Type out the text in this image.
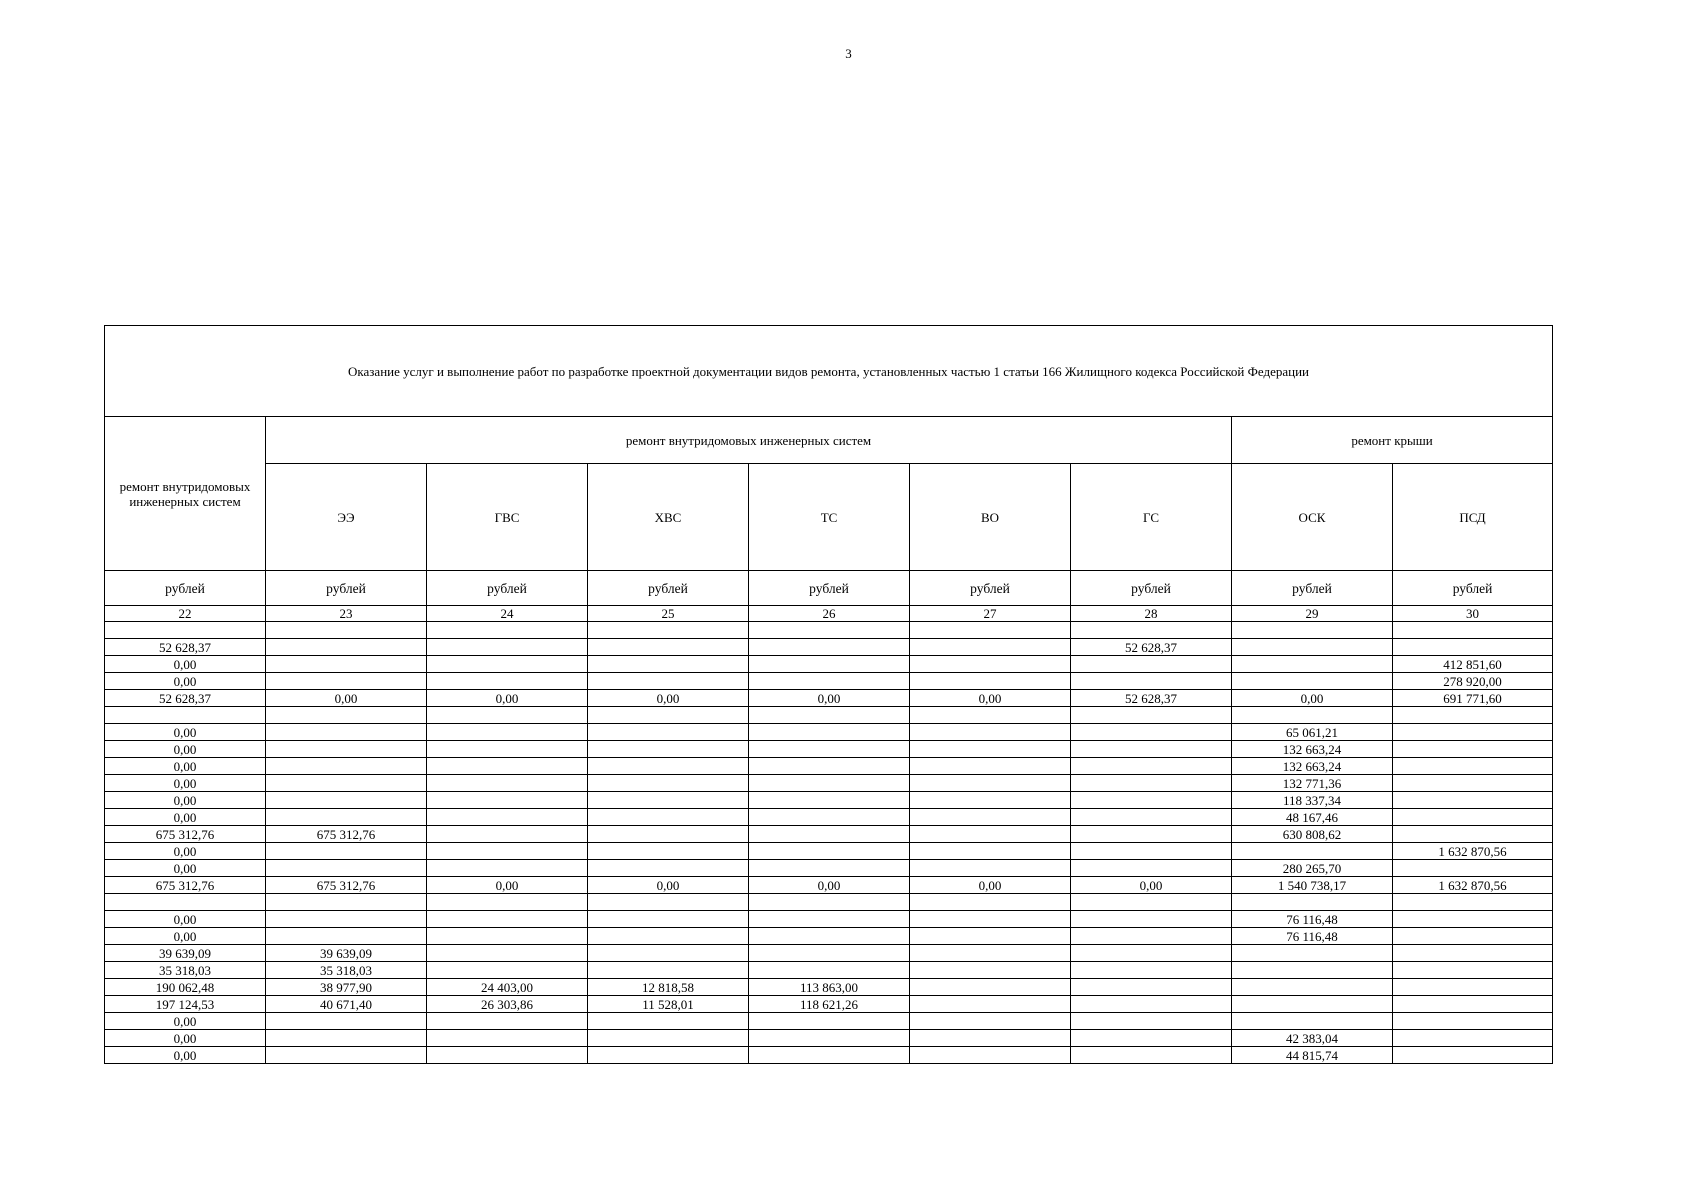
3
Оказание услуг и выполнение работ по разработке проектной документации видов ремонта, установленных частью 1 статьи 166 Жилищного кодекса Российской Федерации								
ремонт внутридомовых инженерных систем	ремонт внутридомовых инженерных систем						ремонт крыши	
	ЭЭ	ГВС	ХВС	ТС	ВО	ГС	ОСК	ПСД
рублей	рублей	рублей	рублей	рублей	рублей	рублей	рублей	рублей
22	23	24	25	26	27	28	29	30

52 628,37						52 628,37		
0,00								412 851,60
0,00								278 920,00
52 628,37	0,00	0,00	0,00	0,00	0,00	52 628,37	0,00	691 771,60

0,00							65 061,21	
0,00							132 663,24	
0,00							132 663,24	
0,00							132 771,36	
0,00							118 337,34	
0,00							48 167,46	
675 312,76	675 312,76						630 808,62	
0,00								1 632 870,56
0,00							280 265,70	
675 312,76	675 312,76	0,00	0,00	0,00	0,00	0,00	1 540 738,17	1 632 870,56

0,00							76 116,48	
0,00							76 116,48	
39 639,09	39 639,09							
35 318,03	35 318,03							
190 062,48	38 977,90	24 403,00	12 818,58	113 863,00				
197 124,53	40 671,40	26 303,86	11 528,01	118 621,26				
0,00								
0,00							42 383,04	
0,00							44 815,74	
